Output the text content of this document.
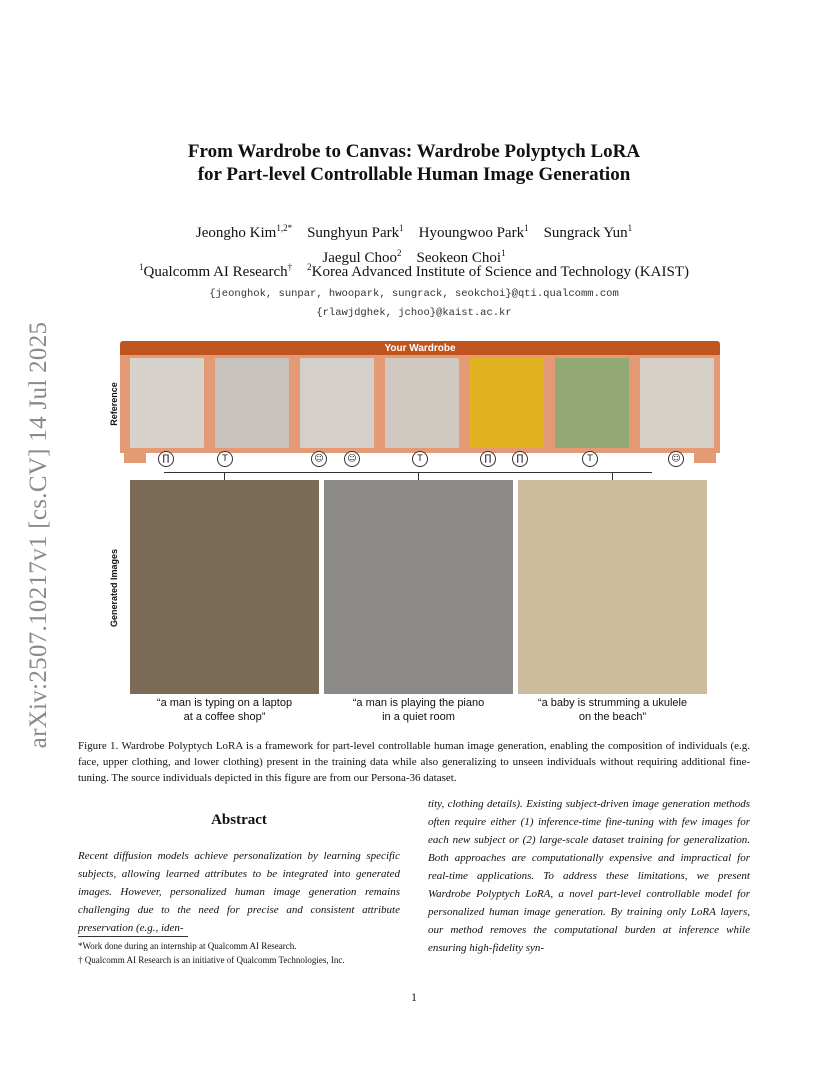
arXiv:2507.10217v1 [cs.CV] 14 Jul 2025
From Wardrobe to Canvas: Wardrobe Polyptych LoRA
for Part-level Controllable Human Image Generation
Jeongho Kim$^{1,2*}$ Sunghyun Park$^1$ Hyoungwoo Park$^1$ Sungrack Yun$^1$
Jaegul Choo$^2$ Seokeon Choi$^1$
$^1$Qualcomm AI Research† $^2$Korea Advanced Institute of Science and Technology (KAIST)
{jeonghok, sunpar, hwoopark, sungrack, seokchoi}@qti.qualcomm.com
{rlawjdghek, jchoo}@kaist.ac.kr
Your Wardrobe
Reference
Generated Images
∏	T	☺	☺	T	∏	∏	T	☺
“a man is typing on a laptop
at a coffee shop”
“a man is playing the piano
in a quiet room
“a baby is strumming a ukulele
on the beach”
Figure 1. Wardrobe Polyptych LoRA is a framework for part-level controllable human image generation, enabling the composition of individuals (e.g. face, upper clothing, and lower clothing) present in the training data while also generalizing to unseen individuals without requiring additional fine-tuning. The source individuals depicted in this figure are from our Persona-36 dataset.
Abstract
Recent diffusion models achieve personalization by learning specific subjects, allowing learned attributes to be integrated into generated images. However, personalized human image generation remains challenging due to the need for precise and consistent attribute preservation (e.g., iden-
*Work done during an internship at Qualcomm AI Research.
† Qualcomm AI Research is an initiative of Qualcomm Technologies, Inc.
tity, clothing details). Existing subject-driven image generation methods often require either (1) inference-time fine-tuning with few images for each new subject or (2) large-scale dataset training for generalization. Both approaches are computationally expensive and impractical for real-time applications. To address these limitations, we present Wardrobe Polyptych LoRA, a novel part-level controllable model for personalized human image generation. By training only LoRA layers, our method removes the computational burden at inference while ensuring high-fidelity syn-
1
